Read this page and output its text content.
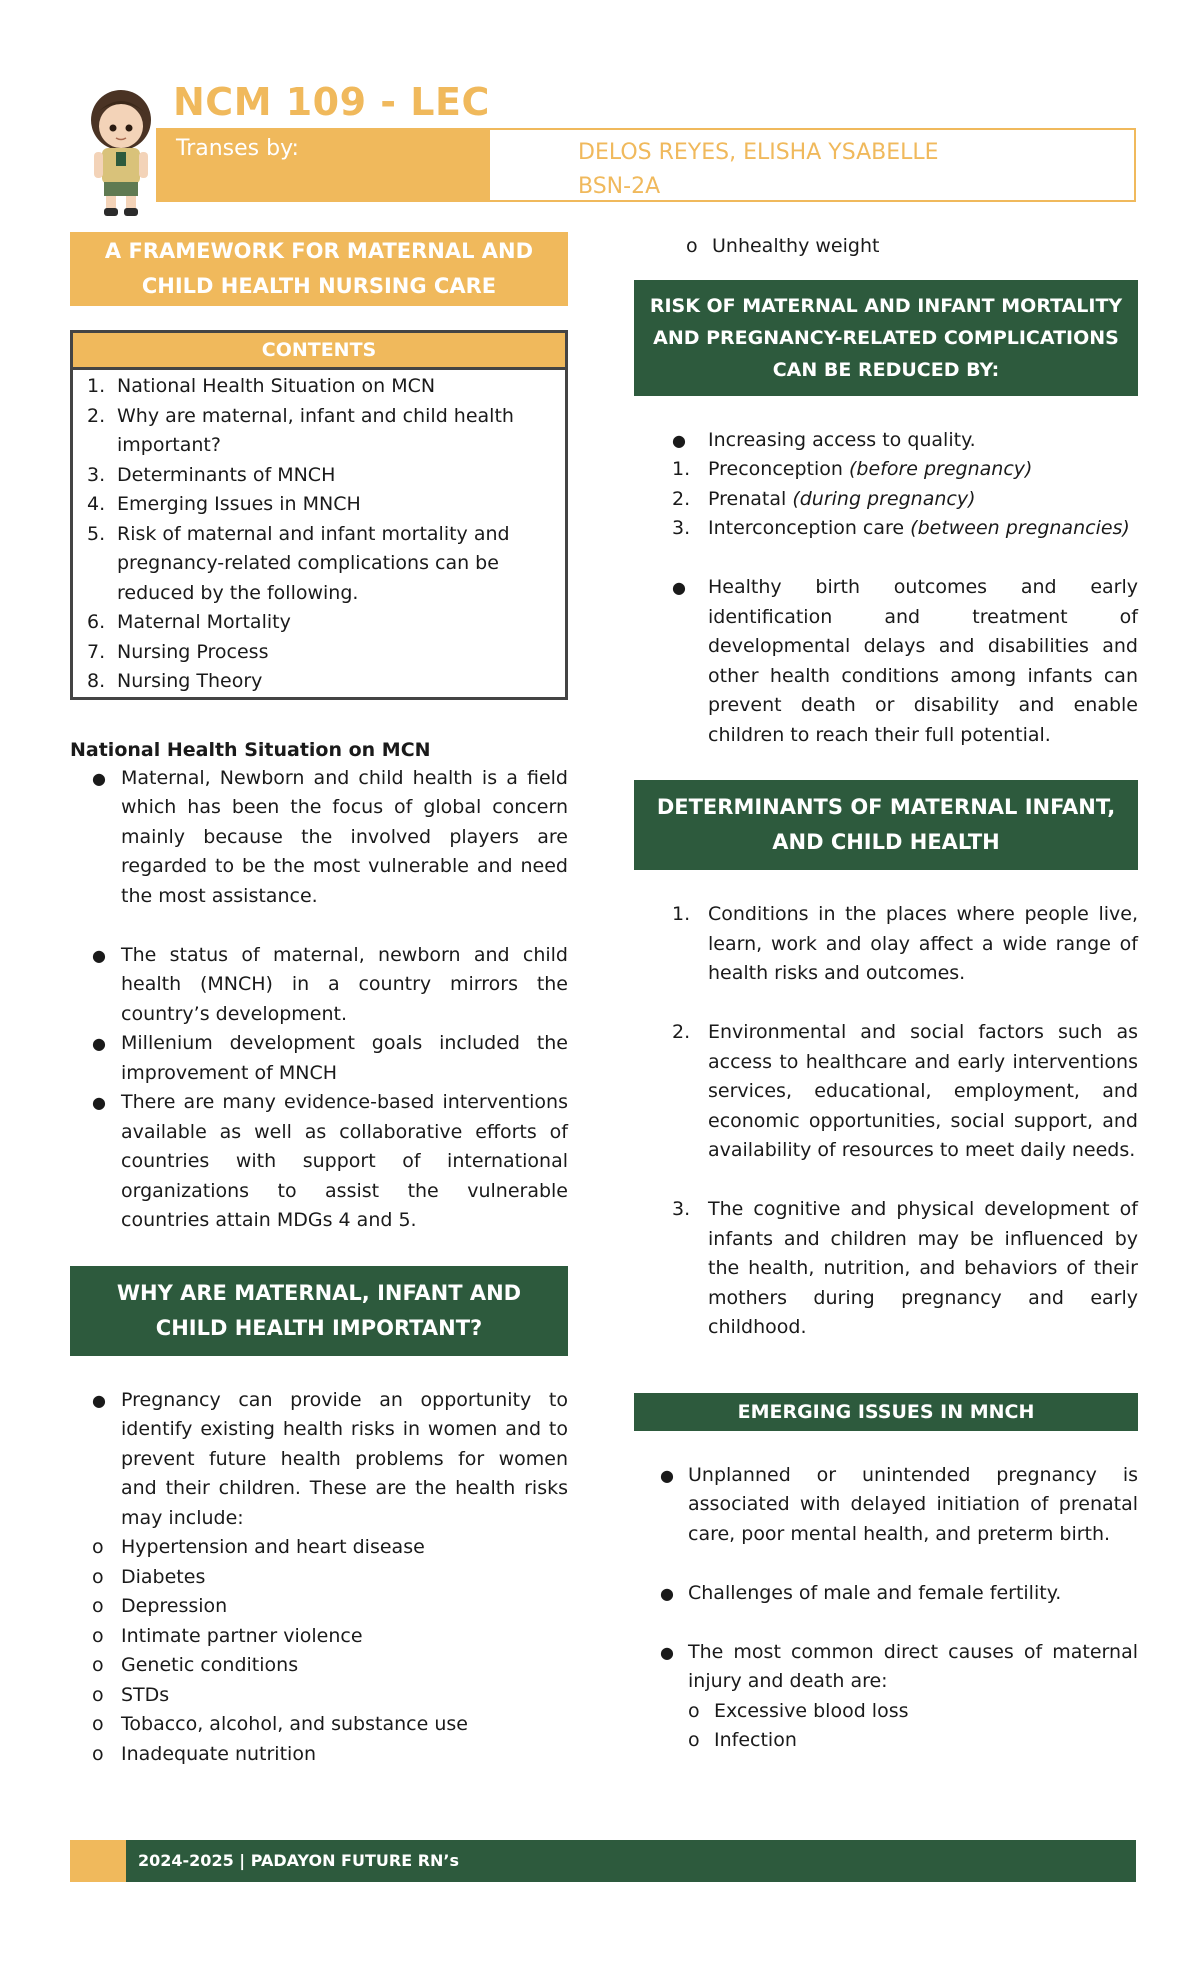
NCM 109 - LEC
Transes by:	DELOS REYES, ELISHA YSABELLE
BSN-2A
A FRAMEWORK FOR MATERNAL AND CHILD HEALTH NURSING CARE
CONTENTS
1. National Health Situation on MCN
2. Why are maternal, infant and child health important?
3. Determinants of MNCH
4. Emerging Issues in MNCH
5. Risk of maternal and infant mortality and pregnancy-related complications can be reduced by the following.
6. Maternal Mortality
7. Nursing Process
8. Nursing Theory
National Health Situation on MCN
● Maternal, Newborn and child health is a field which has been the focus of global concern mainly because the involved players are regarded to be the most vulnerable and need the most assistance.
● The status of maternal, newborn and child health (MNCH) in a country mirrors the country’s development.
● Millenium development goals included the improvement of MNCH
● There are many evidence-based interventions available as well as collaborative efforts of countries with support of international organizations to assist the vulnerable countries attain MDGs 4 and 5.
WHY ARE MATERNAL, INFANT AND CHILD HEALTH IMPORTANT?
● Pregnancy can provide an opportunity to identify existing health risks in women and to prevent future health problems for women and their children. These are the health risks may include:
o Hypertension and heart disease
o Diabetes
o Depression
o Intimate partner violence
o Genetic conditions
o STDs
o Tobacco, alcohol, and substance use
o Inadequate nutrition
o Unhealthy weight
RISK OF MATERNAL AND INFANT MORTALITY AND PREGNANCY-RELATED COMPLICATIONS CAN BE REDUCED BY:
●	Increasing access to quality.
1. Preconception (before pregnancy)
2. Prenatal (during pregnancy)
3. Interconception care (between pregnancies)
●	Healthy birth outcomes and early identification and treatment of developmental delays and disabilities and other health conditions among infants can prevent death or disability and enable children to reach their full potential.
DETERMINANTS OF MATERNAL INFANT, AND CHILD HEALTH
1. Conditions in the places where people live, learn, work and olay affect a wide range of health risks and outcomes.
2. Environmental and social factors such as access to healthcare and early interventions services, educational, employment, and economic opportunities, social support, and availability of resources to meet daily needs.
3. The cognitive and physical development of infants and children may be influenced by the health, nutrition, and behaviors of their mothers during pregnancy and early childhood.
EMERGING ISSUES IN MNCH
● Unplanned or unintended pregnancy is associated with delayed initiation of prenatal care, poor mental health, and preterm birth.
● Challenges of male and female fertility.
● The most common direct causes of maternal injury and death are:
o Excessive blood loss
o Infection
2024-2025 | PADAYON FUTURE RN’s
